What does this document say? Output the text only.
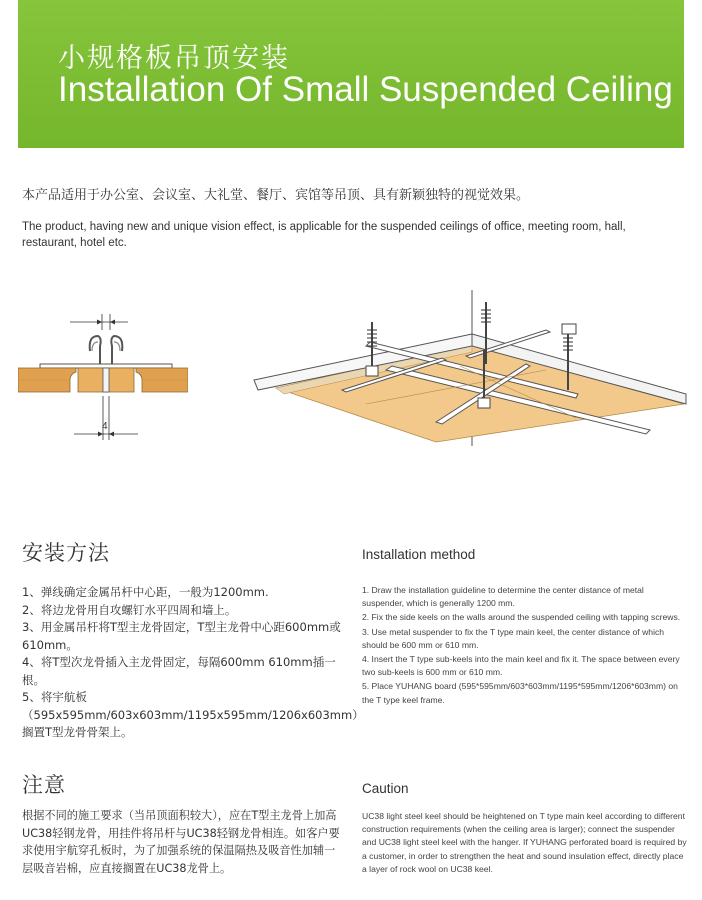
小规格板吊顶安装
Installation Of Small Suspended Ceiling
本产品适用于办公室、会议室、大礼堂、餐厅、宾馆等吊顶、具有新颖独特的视觉效果。
The product, having new and unique vision effect, is applicable for the suspended ceilings of office, meeting room, hall, restaurant, hotel etc.
4
安装方法	Installation method
1、弹线确定金属吊杆中心距，一般为1200mm.
2、将边龙骨用自攻螺钉水平四周和墙上。
3、用金属吊杆将T型主龙骨固定，T型主龙骨中心距600mm或610mm。
4、将T型次龙骨插入主龙骨固定，每隔600mm 610mm插一根。
5、将宇航板（595x595mm/603x603mm/1195x595mm/1206x603mm）搁置T型龙骨骨架上。
1. Draw the installation guideline to determine the center distance of metal suspender, which is generally 1200 mm.
2. Fix the side keels on the walls around the suspended ceiling with tapping screws.
3. Use metal suspender to fix the T type main keel, the center distance of which should be 600 mm or 610 mm.
4. Insert the T type sub-keels into the main keel and fix it. The space between every two sub-keels is 600 mm or 610 mm.
5. Place YUHANG board (595*595mm/603*603mm/1195*595mm/1206*603mm) on the T type keel frame.
注意	Caution
根据不同的施工要求（当吊顶面积较大），应在T型主龙骨上加高UC38轻钢龙骨，用挂件将吊杆与UC38轻钢龙骨相连。如客户要求使用宇航穿孔板时，为了加强系统的保温隔热及吸音性加辅一层吸音岩棉，应直接搁置在UC38龙骨上。
UC38 light steel keel should be heightened on T type main keel according to different construction requirements (when the ceiling area is larger); connect the suspender and UC38 light steel keel with the hanger. If YUHANG perforated board is required by a customer, in order to strengthen the heat and sound insulation effect, directly place a layer of rock wool on UC38 keel.
